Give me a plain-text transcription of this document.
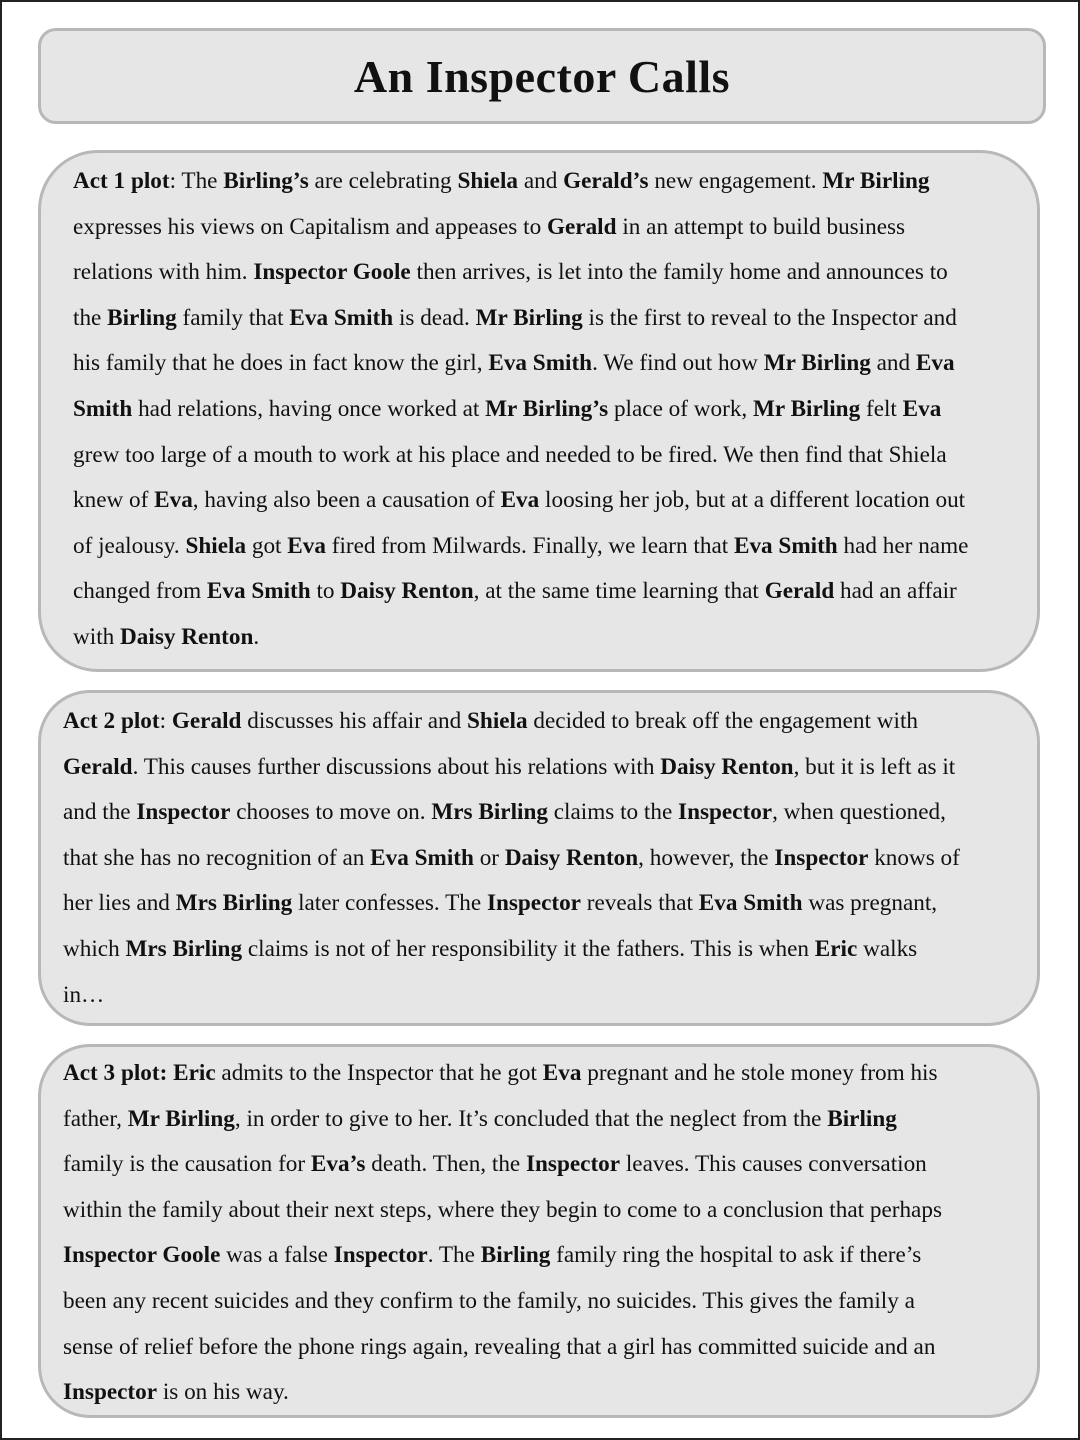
An Inspector Calls
Act 1 plot: The Birling’s are celebrating Shiela and Gerald’s new engagement. Mr Birling
expresses his views on Capitalism and appeases to Gerald in an attempt to build business
relations with him. Inspector Goole then arrives, is let into the family home and announces to
the Birling family that Eva Smith is dead. Mr Birling is the first to reveal to the Inspector and
his family that he does in fact know the girl, Eva Smith. We find out how Mr Birling and Eva
Smith had relations, having once worked at Mr Birling’s place of work, Mr Birling felt Eva
grew too large of a mouth to work at his place and needed to be fired. We then find that Shiela
knew of Eva, having also been a causation of Eva loosing her job, but at a different location out
of jealousy. Shiela got Eva fired from Milwards. Finally, we learn that Eva Smith had her name
changed from Eva Smith to Daisy Renton, at the same time learning that Gerald had an affair
with Daisy Renton.
Act 2 plot: Gerald discusses his affair and Shiela decided to break off the engagement with
Gerald. This causes further discussions about his relations with Daisy Renton, but it is left as it
and the Inspector chooses to move on. Mrs Birling claims to the Inspector, when questioned,
that she has no recognition of an Eva Smith or Daisy Renton, however, the Inspector knows of
her lies and Mrs Birling later confesses. The Inspector reveals that Eva Smith was pregnant,
which Mrs Birling claims is not of her responsibility it the fathers. This is when Eric walks
in…
Act 3 plot: Eric admits to the Inspector that he got Eva pregnant and he stole money from his
father, Mr Birling, in order to give to her. It’s concluded that the neglect from the Birling
family is the causation for Eva’s death. Then, the Inspector leaves. This causes conversation
within the family about their next steps, where they begin to come to a conclusion that perhaps
Inspector Goole was a false Inspector. The Birling family ring the hospital to ask if there’s
been any recent suicides and they confirm to the family, no suicides. This gives the family a
sense of relief before the phone rings again, revealing that a girl has committed suicide and an
Inspector is on his way.
